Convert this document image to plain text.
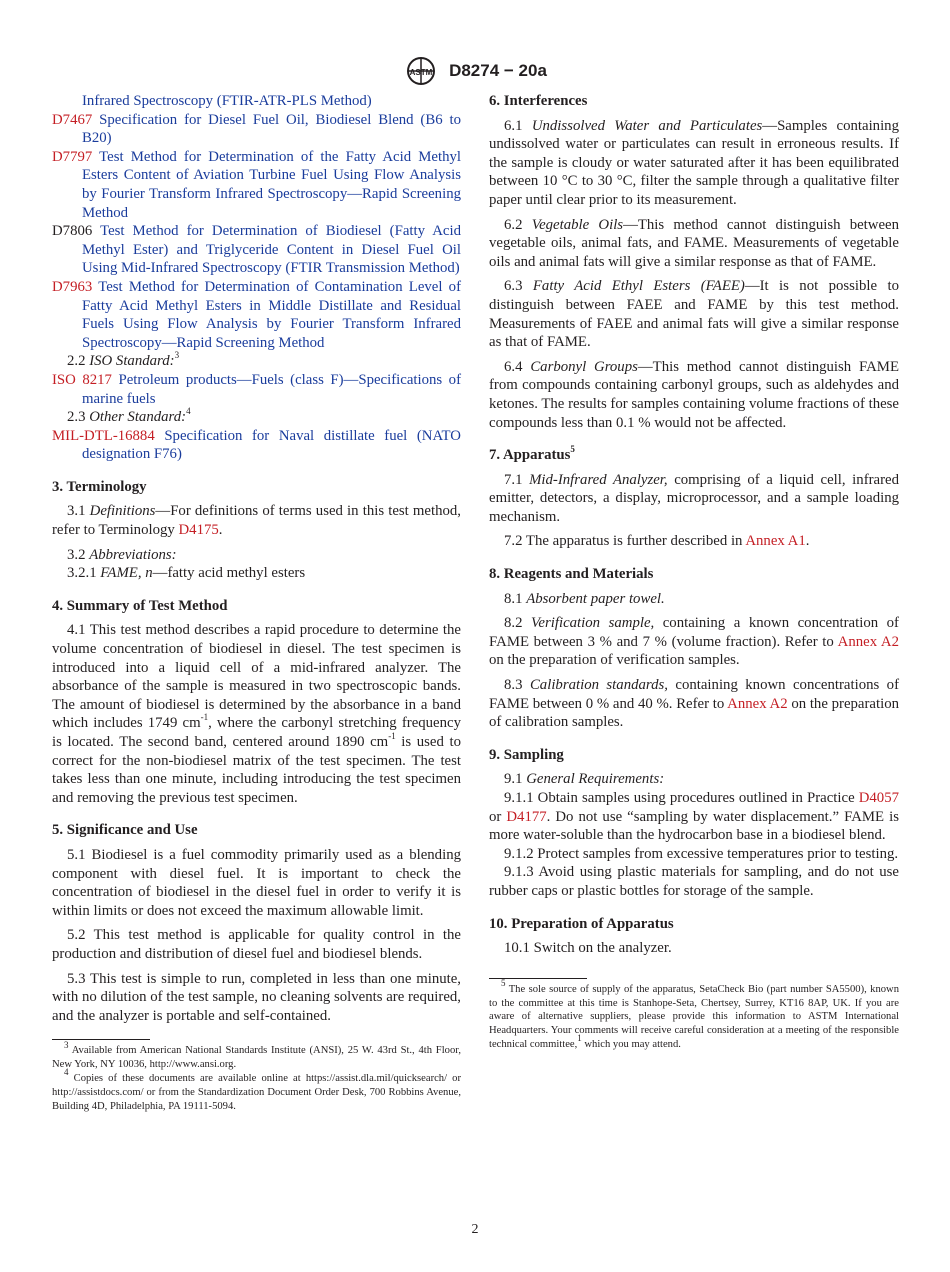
ASTM D8274 − 20a

Infrared Spectroscopy (FTIR-ATR-PLS Method)

D7467 Specification for Diesel Fuel Oil, Biodiesel Blend (B6 to B20)

D7797 Test Method for Determination of the Fatty Acid Methyl Esters Content of Aviation Turbine Fuel Using Flow Analysis by Fourier Transform Infrared Spectroscopy—Rapid Screening Method

D7806 Test Method for Determination of Biodiesel (Fatty Acid Methyl Ester) and Triglyceride Content in Diesel Fuel Oil Using Mid-Infrared Spectroscopy (FTIR Transmission Method)

D7963 Test Method for Determination of Contamination Level of Fatty Acid Methyl Esters in Middle Distillate and Residual Fuels Using Flow Analysis by Fourier Transform Infrared Spectroscopy—Rapid Screening Method

2.2 ISO Standard:$^3$

ISO 8217 Petroleum products—Fuels (class F)—Specifications of marine fuels

2.3 Other Standard:$^4$

MIL-DTL-16884 Specification for Naval distillate fuel (NATO designation F76)

3. Terminology

3.1 Definitions—For definitions of terms used in this test method, refer to Terminology D4175.

3.2 Abbreviations:

3.2.1 FAME, n—fatty acid methyl esters

4. Summary of Test Method

4.1 This test method describes a rapid procedure to determine the volume concentration of biodiesel in diesel. The test specimen is introduced into a liquid cell of a mid-infrared analyzer. The absorbance of the sample is measured in two spectroscopic bands. The amount of biodiesel is determined by the absorbance in a band which includes 1749 $cm^{-1}$, where the carbonyl stretching frequency is located. The second band, centered around 1890 $cm^{-1}$ is used to correct for the non-biodiesel matrix of the test specimen. The test takes less than one minute, including introducing the test specimen and removing the previous test specimen.

5. Significance and Use

5.1 Biodiesel is a fuel commodity primarily used as a blending component with diesel fuel. It is important to check the concentration of biodiesel in the diesel fuel in order to verify it is within limits or does not exceed the maximum allowable limit.

5.2 This test method is applicable for quality control in the production and distribution of diesel fuel and biodiesel blends.

5.3 This test is simple to run, completed in less than one minute, with no dilution of the test sample, no cleaning solvents are required, and the analyzer is portable and self-contained.

$^3$ Available from American National Standards Institute (ANSI), 25 W. 43rd St., 4th Floor, New York, NY 10036, http://www.ansi.org.

$^4$ Copies of these documents are available online at https://assist.dla.mil/quicksearch/ or http://assistdocs.com/ or from the Standardization Document Order Desk, 700 Robbins Avenue, Building 4D, Philadelphia, PA 19111-5094.

6. Interferences

6.1 Undissolved Water and Particulates—Samples containing undissolved water or particulates can result in erroneous results. If the sample is cloudy or water saturated after it has been equilibrated between 10 °C to 30 °C, filter the sample through a qualitative filter paper until clear prior to its measurement.

6.2 Vegetable Oils—This method cannot distinguish between vegetable oils, animal fats, and FAME. Measurements of vegetable oils and animal fats will give a similar response as that of FAME.

6.3 Fatty Acid Ethyl Esters (FAEE)—It is not possible to distinguish between FAEE and FAME by this test method. Measurements of FAEE and animal fats will give a similar response as that of FAME.

6.4 Carbonyl Groups—This method cannot distinguish FAME from compounds containing carbonyl groups, such as aldehydes and ketones. The results for samples containing volume fractions of these compounds less than 0.1 % would not be affected.

7. Apparatus$^5$

7.1 Mid-Infrared Analyzer, comprising of a liquid cell, infrared emitter, detectors, a display, microprocessor, and a sample loading mechanism.

7.2 The apparatus is further described in Annex A1.

8. Reagents and Materials

8.1 Absorbent paper towel.

8.2 Verification sample, containing a known concentration of FAME between 3 % and 7 % (volume fraction). Refer to Annex A2 on the preparation of verification samples.

8.3 Calibration standards, containing known concentrations of FAME between 0 % and 40 %. Refer to Annex A2 on the preparation of calibration samples.

9. Sampling

9.1 General Requirements:

9.1.1 Obtain samples using procedures outlined in Practice D4057 or D4177. Do not use “sampling by water displacement.” FAME is more water-soluble than the hydrocarbon base in a biodiesel blend.

9.1.2 Protect samples from excessive temperatures prior to testing.

9.1.3 Avoid using plastic materials for sampling, and do not use rubber caps or plastic bottles for storage of the sample.

10. Preparation of Apparatus

10.1 Switch on the analyzer.

$^5$ The sole source of supply of the apparatus, SetaCheck Bio (part number SA5500), known to the committee at this time is Stanhope-Seta, Chertsey, Surrey, KT16 8AP, UK. If you are aware of alternative suppliers, please provide this information to ASTM International Headquarters. Your comments will receive careful consideration at a meeting of the responsible technical committee,$^1$ which you may attend.

2
